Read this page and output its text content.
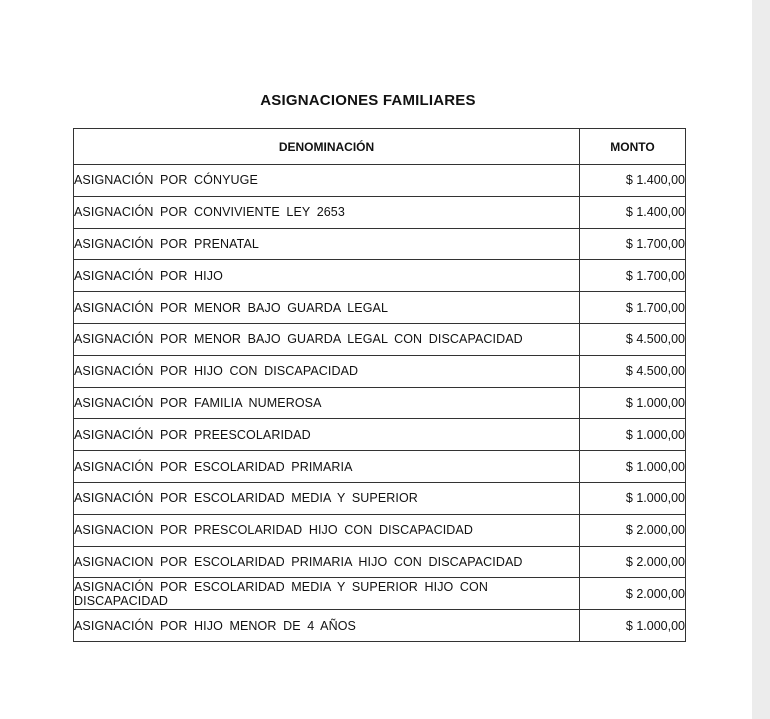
ASIGNACIONES FAMILIARES
DENOMINACIÓN	MONTO
ASIGNACIÓN POR CÓNYUGE	$ 1.400,00
ASIGNACIÓN POR CONVIVIENTE LEY 2653	$ 1.400,00
ASIGNACIÓN POR PRENATAL	$ 1.700,00
ASIGNACIÓN POR HIJO	$ 1.700,00
ASIGNACIÓN POR MENOR BAJO GUARDA LEGAL	$ 1.700,00
ASIGNACIÓN POR MENOR BAJO GUARDA LEGAL CON DISCAPACIDAD	$ 4.500,00
ASIGNACIÓN POR HIJO CON DISCAPACIDAD	$ 4.500,00
ASIGNACIÓN POR FAMILIA NUMEROSA	$ 1.000,00
ASIGNACIÓN POR PREESCOLARIDAD	$ 1.000,00
ASIGNACIÓN POR ESCOLARIDAD PRIMARIA	$ 1.000,00
ASIGNACIÓN POR ESCOLARIDAD MEDIA Y SUPERIOR	$ 1.000,00
ASIGNACION POR PRESCOLARIDAD HIJO CON DISCAPACIDAD	$ 2.000,00
ASIGNACION POR ESCOLARIDAD PRIMARIA HIJO CON DISCAPACIDAD	$ 2.000,00
ASIGNACIÓN POR ESCOLARIDAD MEDIA Y SUPERIOR HIJO CON DISCAPACIDAD	$ 2.000,00
ASIGNACIÓN POR HIJO MENOR DE 4 AÑOS	$ 1.000,00
